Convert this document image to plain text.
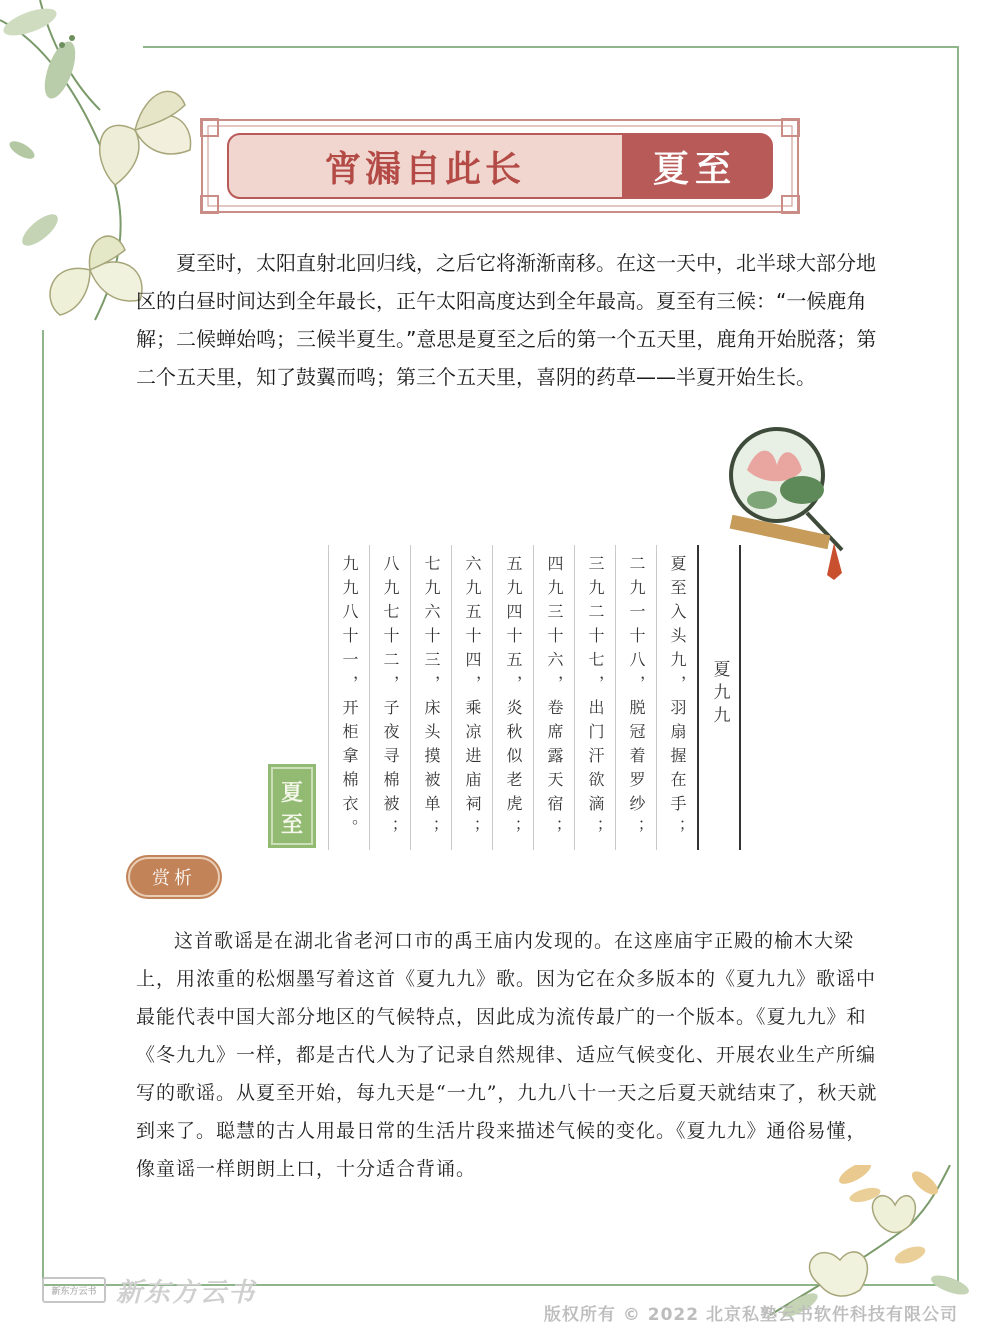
宵漏自此长	夏至

夏至时，太阳直射北回归线，之后它将渐渐南移。在这一天中，北半球大部分地区的白昼时间达到全年最长，正午太阳高度达到全年最高。夏至有三候：“一候鹿角解；二候蝉始鸣；三候半夏生。”意思是夏至之后的第一个五天里，鹿角开始脱落；第二个五天里，知了鼓翼而鸣；第三个五天里，喜阴的药草——半夏开始生长。

夏九九
夏至入头九，羽扇握在手；
二九一十八，脱冠着罗纱；
三九二十七，出门汗欲滴；
四九三十六，卷席露天宿；
五九四十五，炎秋似老虎；
六九五十四，乘凉进庙祠；
七九六十三，床头摸被单；
八九七十二，子夜寻棉被；
九九八十一，开柜拿棉衣。
夏
至
赏析

这首歌谣是在湖北省老河口市的禹王庙内发现的。在这座庙宇正殿的榆木大梁上，用浓重的松烟墨写着这首《夏九九》歌。因为它在众多版本的《夏九九》歌谣中最能代表中国大部分地区的气候特点，因此成为流传最广的一个版本。《夏九九》和《冬九九》一样，都是古代人为了记录自然规律、适应气候变化、开展农业生产所编写的歌谣。从夏至开始，每九天是“一九”，九九八十一天之后夏天就结束了，秋天就到来了。聪慧的古人用最日常的生活片段来描述气候的变化。《夏九九》通俗易懂，像童谣一样朗朗上口，十分适合背诵。

新东方云书 新东方云书
版权所有 © 2022 北京私塾云书软件科技有限公司
